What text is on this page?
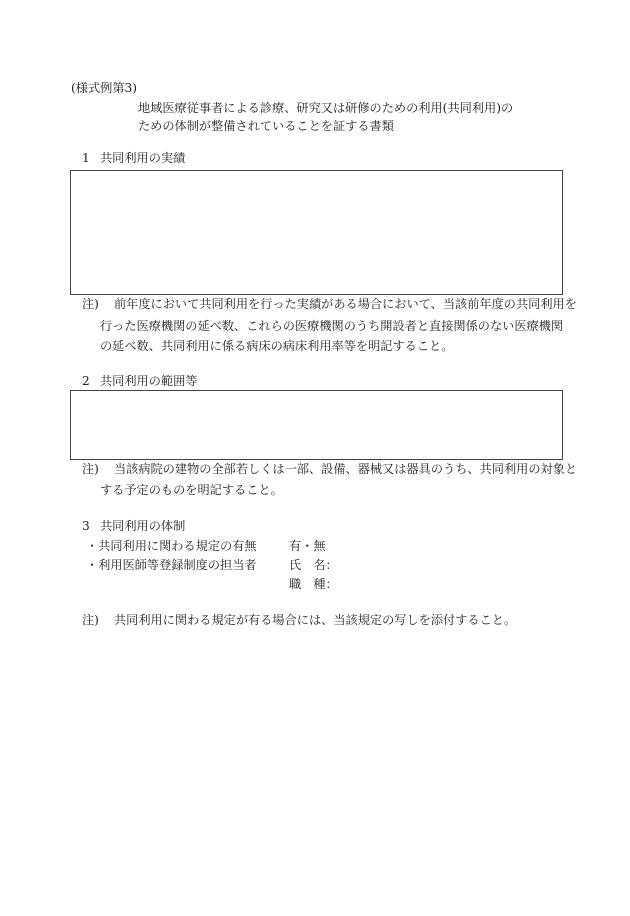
(様式例第3)
地域医療従事者による診療、研究又は研修のための利用(共同利用)の
ための体制が整備されていることを証する書類
1 共同利用の実績
注) 前年度において共同利用を行った実績がある場合において、当該前年度の共同利用を
行った医療機関の延べ数、これらの医療機関のうち開設者と直接関係のない医療機関
の延べ数、共同利用に係る病床の病床利用率等を明記すること。
2 共同利用の範囲等
注) 当該病院の建物の全部若しくは一部、設備、器械又は器具のうち、共同利用の対象と
する予定のものを明記すること。
3 共同利用の体制
・共同利用に関わる規定の有無	有・無
・利用医師等登録制度の担当者	氏　名：
職　種：
注) 共同利用に関わる規定が有る場合には、当該規定の写しを添付すること。
